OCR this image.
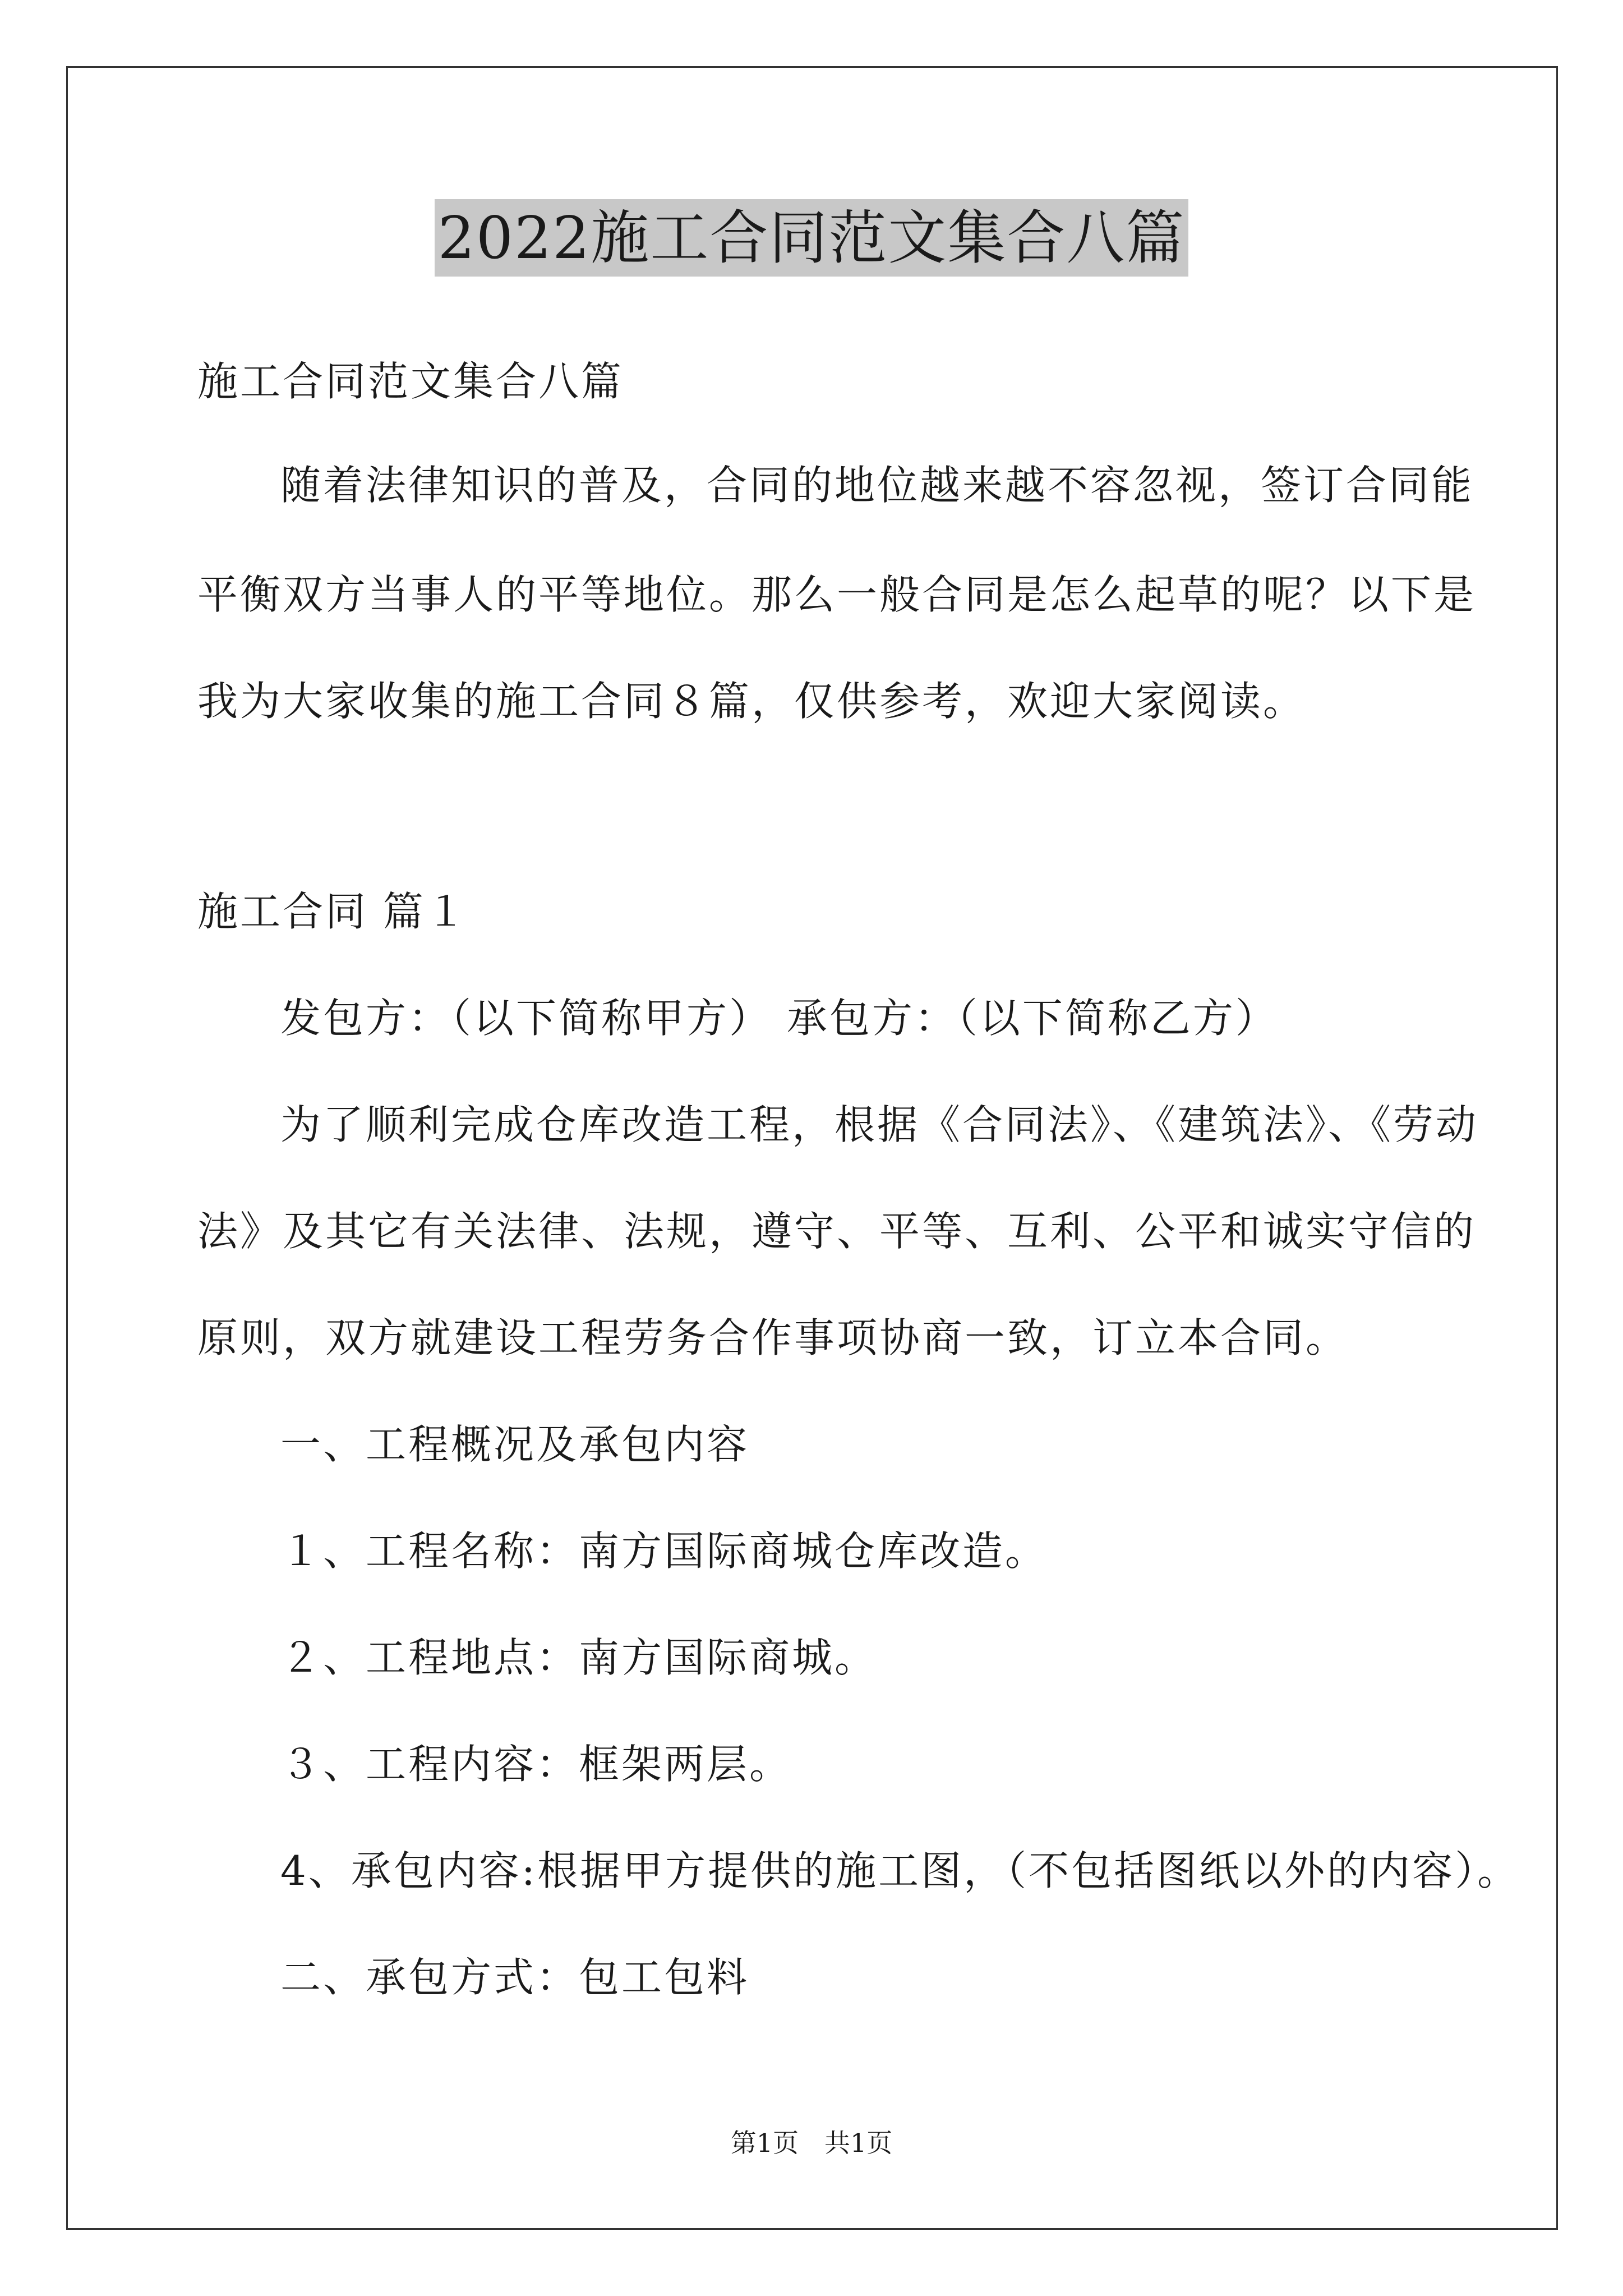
2022施工合同范文集合八篇
施工合同范文集合八篇
随着法律知识的普及，合同的地位越来越不容忽视，签订合同能
平衡双方当事人的平等地位。那么一般合同是怎么起草的呢？以下是
我为大家收集的施工合同８篇，仅供参考，欢迎大家阅读。
施工合同 篇１
发包方：（以下简称甲方） 承包方：（以下简称乙方）
为了顺利完成仓库改造工程，根据《合同法》、《建筑法》、《劳动
法》及其它有关法律、法规，遵守、平等、互利、公平和诚实守信的
原则，双方就建设工程劳务合作事项协商一致，订立本合同。
一、工程概况及承包内容
１、工程名称：南方国际商城仓库改造。
２、工程地点：南方国际商城。
３、工程内容：框架两层。
4、承包内容:根据甲方提供的施工图，（不包括图纸以外的内容）。
二、承包方式：包工包料
第1页　共1页
